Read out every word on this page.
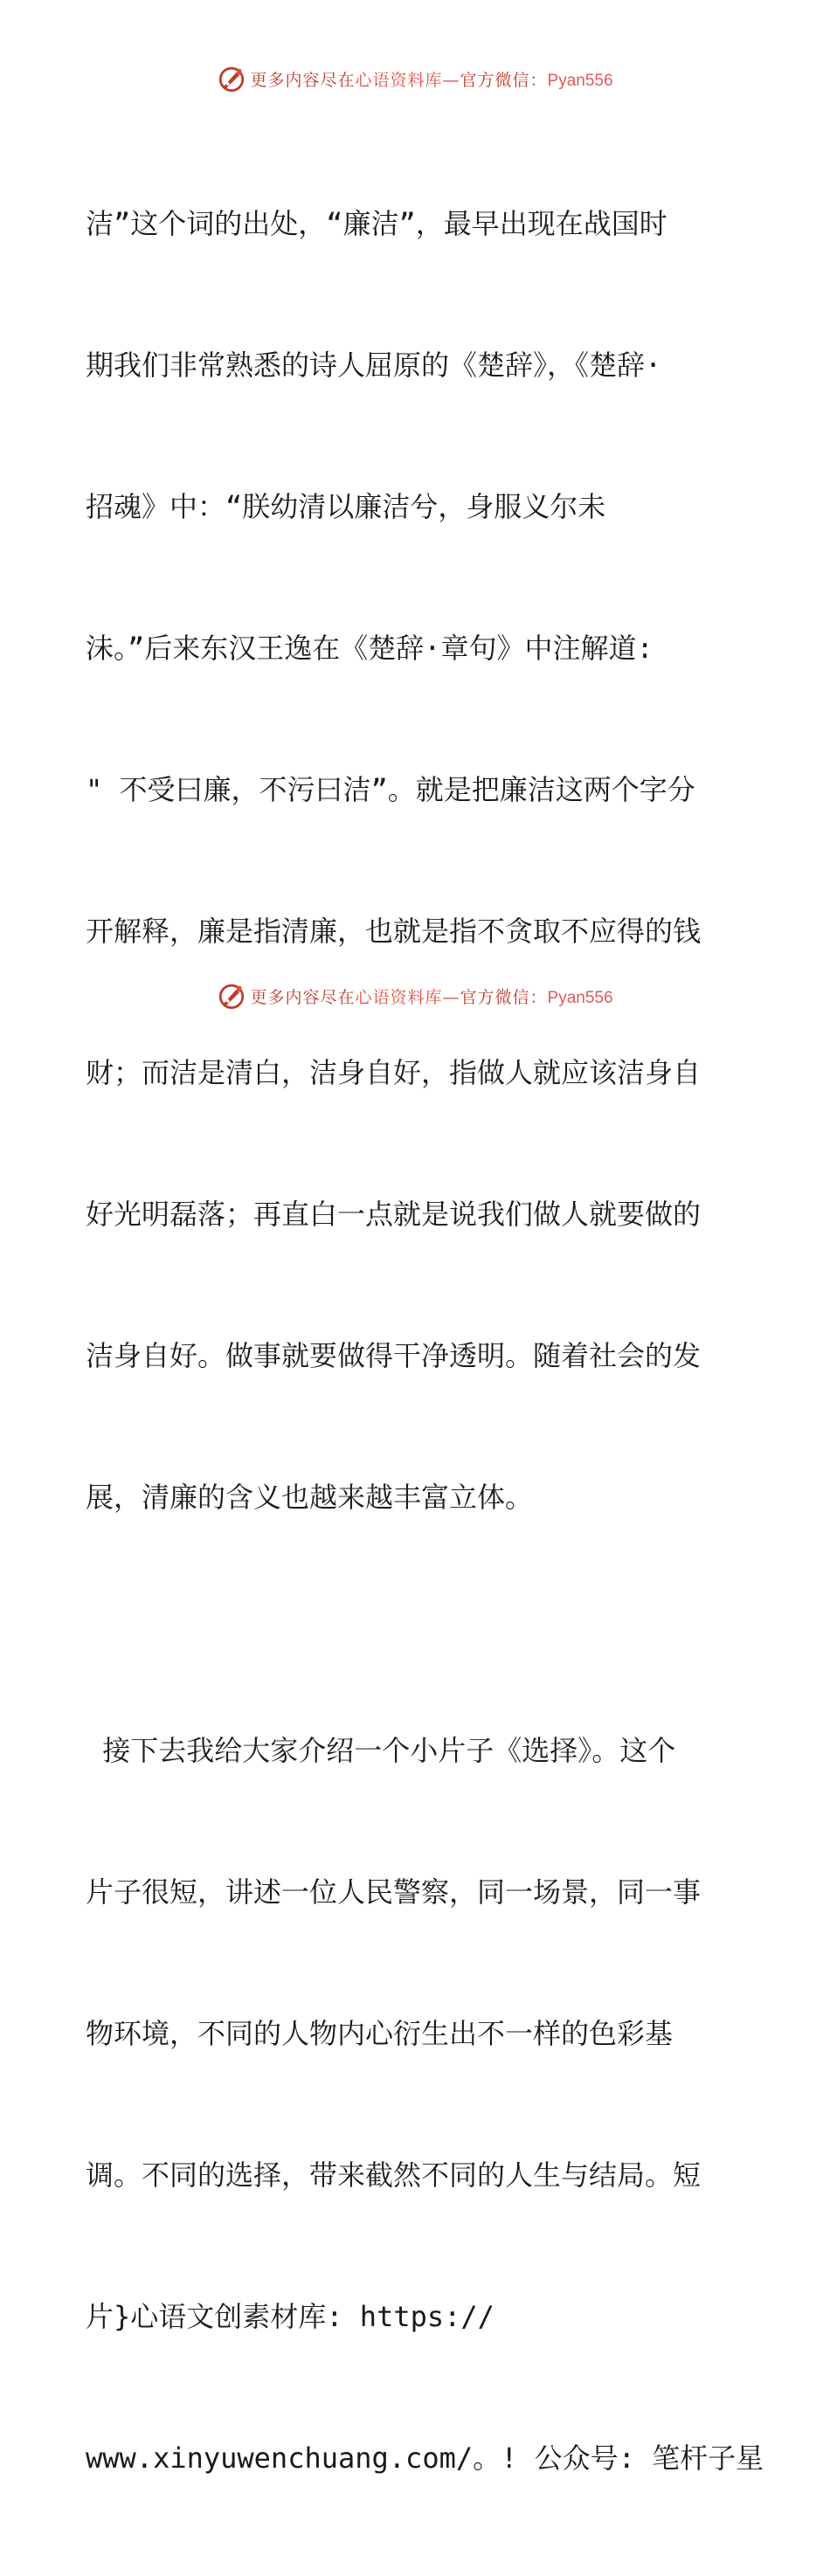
更多内容尽在心语资料库—官方微信：Pyan556

洁”这个词的出处，“廉洁”，最早出现在战国时

期我们非常熟悉的诗人屈原的《楚辞》，《楚辞·

招魂》中：“朕幼清以廉洁兮，身服义尔未

沬。”后来东汉王逸在《楚辞·章句》中注解道:

" 不受曰廉，不污曰洁”。就是把廉洁这两个字分

开解释，廉是指清廉，也就是指不贪取不应得的钱

财；而洁是清白，洁身自好，指做人就应该洁身自

好光明磊落；再直白一点就是说我们做人就要做的

洁身自好。做事就要做得干净透明。随着社会的发

展，清廉的含义也越来越丰富立体。

接下去我给大家介绍一个小片子《选择》。这个

片子很短，讲述一位人民警察，同一场景，同一事

物环境，不同的人物内心衍生出不一样的色彩基

调。不同的选择，带来截然不同的人生与结局。短

片}心语文创素材库: https://

www.xinyuwenchuang.com/。! 公众号: 笔杆子星

更多内容尽在心语资料库—官方微信：Pyan556
